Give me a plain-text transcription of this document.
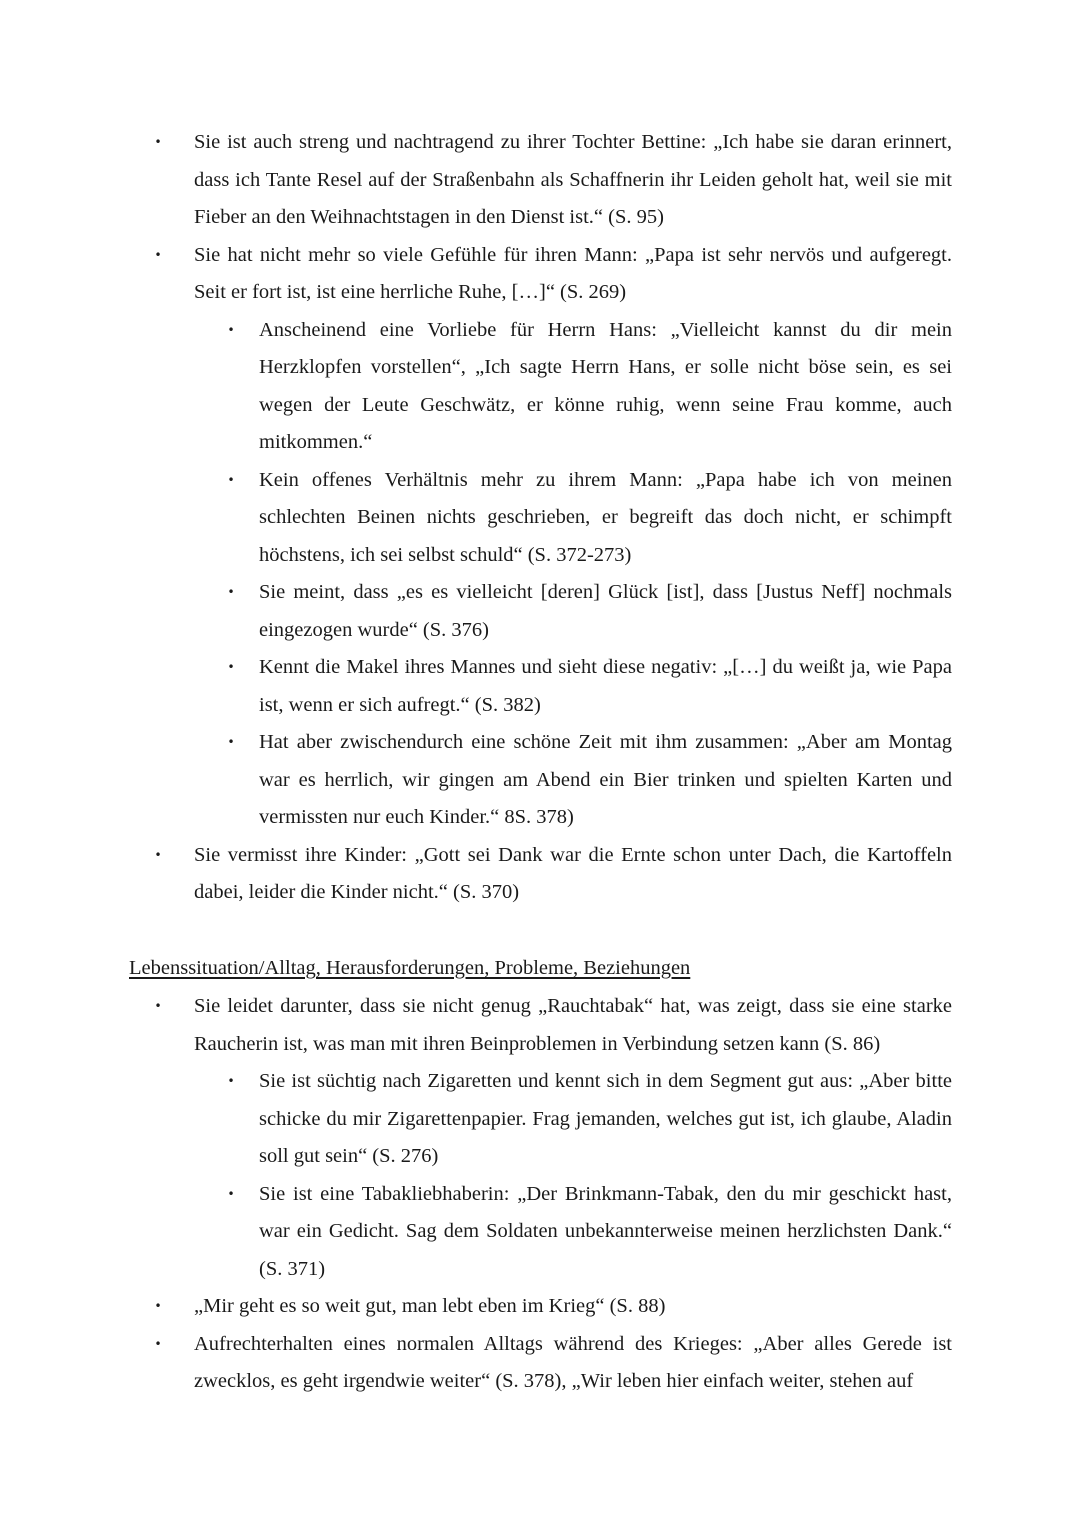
• Sie ist auch streng und nachtragend zu ihrer Tochter Bettine: „Ich habe sie daran erinnert, dass ich Tante Resel auf der Straßenbahn als Schaffnerin ihr Leiden geholt hat, weil sie mit Fieber an den Weihnachtstagen in den Dienst ist.“ (S. 95)
• Sie hat nicht mehr so viele Gefühle für ihren Mann: „Papa ist sehr nervös und aufgeregt. Seit er fort ist, ist eine herrliche Ruhe, […]“ (S. 269)
• Anscheinend eine Vorliebe für Herrn Hans: „Vielleicht kannst du dir mein Herzklopfen vorstellen“, „Ich sagte Herrn Hans, er solle nicht böse sein, es sei wegen der Leute Geschwätz, er könne ruhig, wenn seine Frau komme, auch mitkommen.“
• Kein offenes Verhältnis mehr zu ihrem Mann: „Papa habe ich von meinen schlechten Beinen nichts geschrieben, er begreift das doch nicht, er schimpft höchstens, ich sei selbst schuld“ (S. 372-273)
• Sie meint, dass „es es vielleicht [deren] Glück [ist], dass [Justus Neff] nochmals eingezogen wurde“ (S. 376)
• Kennt die Makel ihres Mannes und sieht diese negativ: „[…] du weißt ja, wie Papa ist, wenn er sich aufregt.“ (S. 382)
• Hat aber zwischendurch eine schöne Zeit mit ihm zusammen: „Aber am Montag war es herrlich, wir gingen am Abend ein Bier trinken und spielten Karten und vermissten nur euch Kinder.“ 8S. 378)
• Sie vermisst ihre Kinder: „Gott sei Dank war die Ernte schon unter Dach, die Kartoffeln dabei, leider die Kinder nicht.“ (S. 370)
Lebenssituation/Alltag, Herausforderungen, Probleme, Beziehungen
• Sie leidet darunter, dass sie nicht genug „Rauchtabak“ hat, was zeigt, dass sie eine starke Raucherin ist, was man mit ihren Beinproblemen in Verbindung setzen kann (S. 86)
• Sie ist süchtig nach Zigaretten und kennt sich in dem Segment gut aus: „Aber bitte schicke du mir Zigarettenpapier. Frag jemanden, welches gut ist, ich glaube, Aladin soll gut sein“ (S. 276)
• Sie ist eine Tabakliebhaberin: „Der Brinkmann-Tabak, den du mir geschickt hast, war ein Gedicht. Sag dem Soldaten unbekannterweise meinen herzlichsten Dank.“ (S. 371)
• „Mir geht es so weit gut, man lebt eben im Krieg“ (S. 88)
• Aufrechterhalten eines normalen Alltags während des Krieges: „Aber alles Gerede ist zwecklos, es geht irgendwie weiter“ (S. 378), „Wir leben hier einfach weiter, stehen auf
